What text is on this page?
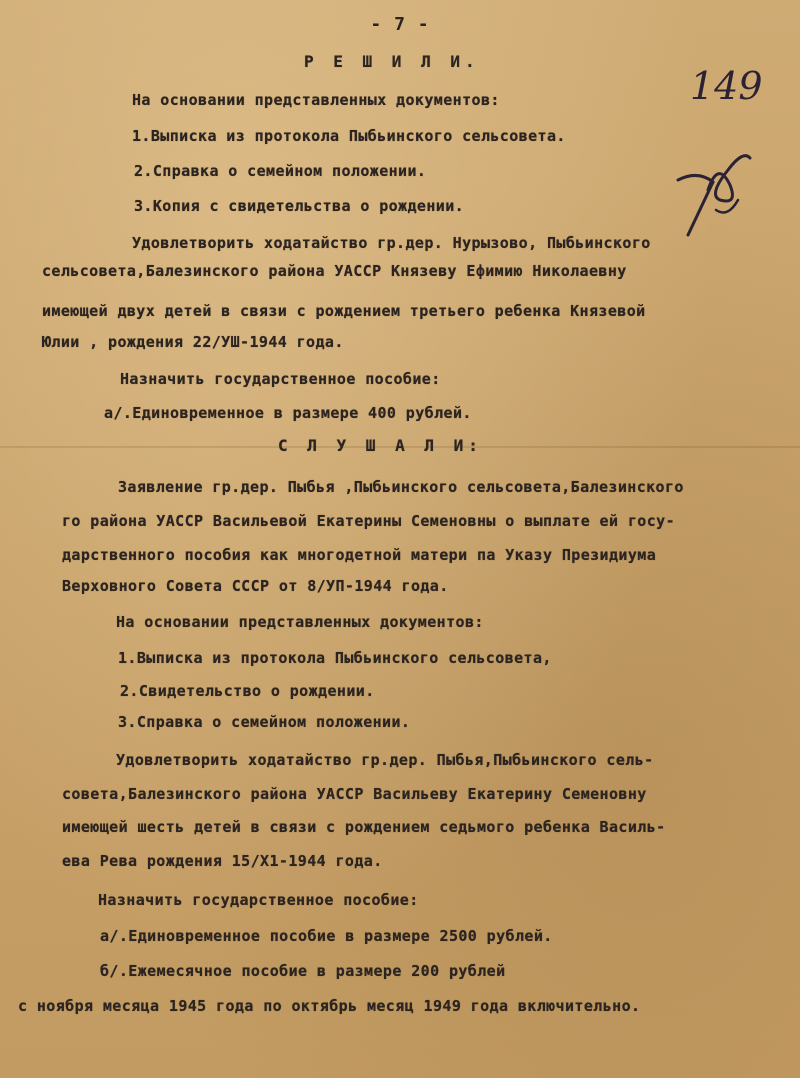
- 7 -
149
Р Е Ш И Л И.
На основании представленных документов:
1.Выписка из протокола Пыбьинского сельсовета.
2.Справка о семейном положении.
3.Копия с свидетельства о рождении.
Удовлетворить ходатайство гр.дер. Нурызово, Пыбьинского
сельсовета,Балезинского района УАССР Князеву Ефимию Николаевну
имеющей двух детей в связи с рождением третьего ребенка Князевой
Юлии , рождения 22/УШ-1944 года.
Назначить государственное пособие:
а/.Единовременное в размере 400 рублей.
С Л У Ш А Л И:
Заявление гр.дер. Пыбья ,Пыбьинского сельсовета,Балезинского
го района УАССР Васильевой Екатерины Семеновны о выплате ей госу-
дарственного пособия как многодетной матери па Указу Президиума
Верховного Совета СССР от 8/УП-1944 года.
На основании представленных документов:
1.Выписка из протокола Пыбьинского сельсовета,
2.Свидетельство о рождении.
3.Справка о семейном положении.
Удовлетворить ходатайство гр.дер. Пыбья,Пыбьинского сель-
совета,Балезинского района УАССР Васильеву Екатерину Семеновну
имеющей шесть детей в связи с рождением седьмого ребенка Василь-
ева Рева рождения 15/Х1-1944 года.
Назначить государственное пособие:
а/.Единовременное пособие в размере 2500 рублей.
б/.Ежемесячное пособие в размере 200 рублей
с ноября месяца 1945 года по октябрь месяц 1949 года включительно.
